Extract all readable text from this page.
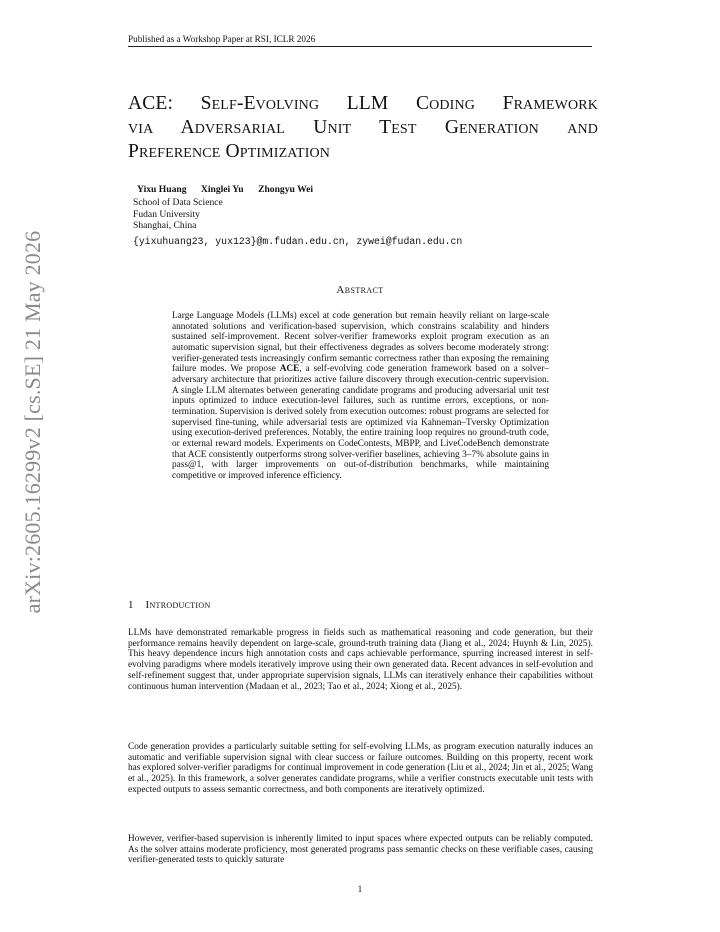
Published as a Workshop Paper at RSI, ICLR 2026
arXiv:2605.16299v2 [cs.SE] 21 May 2026
ACE: Self-Evolving LLM Coding Framework
via Adversarial Unit Test Generation and
Preference Optimization
Yixu Huang Xinglei Yu Zhongyu Wei
School of Data Science
Fudan University
Shanghai, China
{yixuhuang23, yux123}@m.fudan.edu.cn, zywei@fudan.edu.cn
Abstract
Large Language Models (LLMs) excel at code generation but remain heavily reliant on large-scale annotated solutions and verification-based supervision, which constrains scalability and hinders sustained self-improvement. Recent solver-verifier frameworks exploit program execution as an automatic supervision signal, but their effectiveness degrades as solvers become moderately strong: verifier-generated tests increasingly confirm semantic correctness rather than exposing the remaining failure modes. We propose ACE, a self-evolving code generation framework based on a solver–adversary architecture that prioritizes active failure discovery through execution-centric supervision. A single LLM alternates between generating candidate programs and producing adversarial unit test inputs optimized to induce execution-level failures, such as runtime errors, exceptions, or non-termination. Supervision is derived solely from execution outcomes: robust programs are selected for supervised fine-tuning, while adversarial tests are optimized via Kahneman–Tversky Optimization using execution-derived preferences. Notably, the entire training loop requires no ground-truth code, or external reward models. Experiments on CodeContests, MBPP, and LiveCodeBench demonstrate that ACE consistently outperforms strong solver-verifier baselines, achieving 3–7% absolute gains in pass@1, with larger improvements on out-of-distribution benchmarks, while maintaining competitive or improved inference efficiency.
1 Introduction
LLMs have demonstrated remarkable progress in fields such as mathematical reasoning and code generation, but their performance remains heavily dependent on large-scale, ground-truth training data (Jiang et al., 2024; Huynh & Lin, 2025). This heavy dependence incurs high annotation costs and caps achievable performance, spurring increased interest in self-evolving paradigms where models iteratively improve using their own generated data. Recent advances in self-evolution and self-refinement suggest that, under appropriate supervision signals, LLMs can iteratively enhance their capabilities without continuous human intervention (Madaan et al., 2023; Tao et al., 2024; Xiong et al., 2025).
Code generation provides a particularly suitable setting for self-evolving LLMs, as program execution naturally induces an automatic and verifiable supervision signal with clear success or failure outcomes. Building on this property, recent work has explored solver-verifier paradigms for continual improvement in code generation (Liu et al., 2024; Jin et al., 2025; Wang et al., 2025). In this framework, a solver generates candidate programs, while a verifier constructs executable unit tests with expected outputs to assess semantic correctness, and both components are iteratively optimized.
However, verifier-based supervision is inherently limited to input spaces where expected outputs can be reliably computed. As the solver attains moderate proficiency, most generated programs pass semantic checks on these verifiable cases, causing verifier-generated tests to quickly saturate
1
